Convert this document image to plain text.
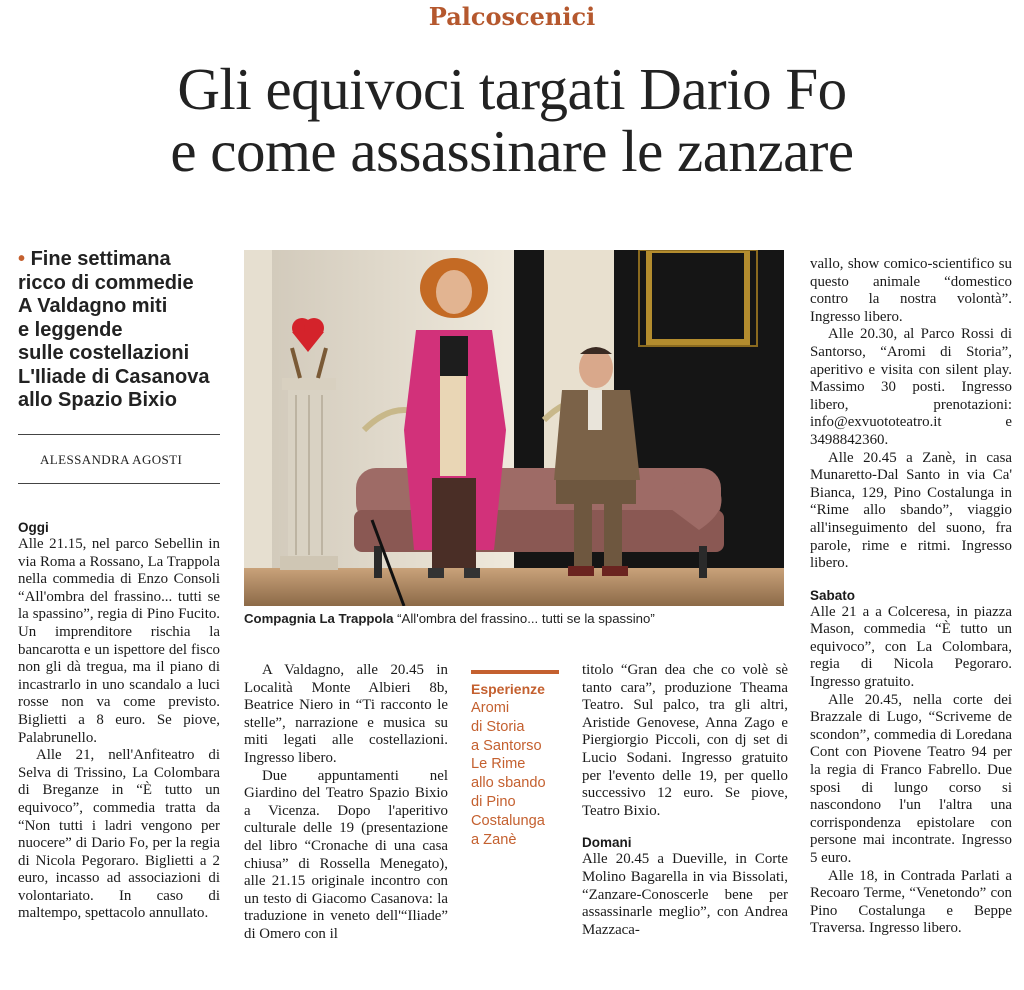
Palcoscenici
Gli equivoci targati Dario Fo
e come assassinare le zanzare
• Fine settimana
ricco di commedie
A Valdagno miti
e leggende
sulle costellazioni
L'Iliade di Casanova
allo Spazio Bixio
ALESSANDRA AGOSTI
Oggi

Alle 21.15, nel parco Sebellin in via Roma a Rossano, La Trappola nella commedia di Enzo Consoli “All'ombra del frassino... tutti se la spassino”, regia di Pino Fucito. Un imprenditore rischia la bancarotta e un ispettore del fisco non gli dà tregua, ma il piano di incastrarlo in uno scandalo a luci rosse non va come previsto. Biglietti a 8 euro. Se piove, Palabrunello.

Alle 21, nell'Anfiteatro di Selva di Trissino, La Colombara di Breganze in “È tutto un equivoco”, commedia tratta da “Non tutti i ladri vengono per nuocere” di Dario Fo, per la regia di Nicola Pegoraro. Biglietti a 2 euro, incasso ad associazioni di volontariato. In caso di maltempo, spettacolo annullato.

Compagnia La Trappola “All'ombra del frassino... tutti se la spassino”

A Valdagno, alle 20.45 in Località Monte Albieri 8b, Beatrice Niero in “Ti racconto le stelle”, narrazione e musica su miti legati alle costellazioni. Ingresso libero.

Due appuntamenti nel Giardino del Teatro Spazio Bixio a Vicenza. Dopo l'aperitivo culturale delle 19 (presentazione del libro “Cronache di una casa chiusa” di Rossella Menegato), alle 21.15 originale incontro con un testo di Giacomo Casanova: la traduzione in veneto dell'“Iliade” di Omero con il

Esperienze
Aromi
di Storia
a Santorso
Le Rime
allo sbando
di Pino
Costalunga
a Zanè

titolo “Gran dea che co volè sè tanto cara”, produzione Theama Teatro. Sul palco, tra gli altri, Aristide Genovese, Anna Zago e Piergiorgio Piccoli, con dj set di Lucio Sodani. Ingresso gratuito per l'evento delle 19, per quello successivo 12 euro. Se piove, Teatro Bixio.

Domani

Alle 20.45 a Dueville, in Corte Molino Bagarella in via Bissolati, “Zanzare-Conoscerle bene per assassinarle meglio”, con Andrea Mazzaca-

vallo, show comico-scientifico su questo animale “domestico contro la nostra volontà”. Ingresso libero.

Alle 20.30, al Parco Rossi di Santorso, “Aromi di Storia”, aperitivo e visita con silent play. Massimo 30 posti. Ingresso libero, prenotazioni: info@exvuototeatro.it e 3498842360.

Alle 20.45 a Zanè, in casa Munaretto-Dal Santo in via Ca' Bianca, 129, Pino Costalunga in “Rime allo sbando”, viaggio all'inseguimento del suono, fra parole, rime e ritmi. Ingresso libero.

Sabato

Alle 21 a a Colceresa, in piazza Mason, commedia “È tutto un equivoco”, con La Colombara, regia di Nicola Pegoraro. Ingresso gratuito.

Alle 20.45, nella corte dei Brazzale di Lugo, “Scriveme de scondon”, commedia di Loredana Cont con Piovene Teatro 94 per la regia di Franco Fabrello. Due sposi di lungo corso si nascondono l'un l'altra una corrispondenza epistolare con persone mai incontrate. Ingresso 5 euro.

Alle 18, in Contrada Parlati a Recoaro Terme, “Venetondo” con Pino Costalunga e Beppe Traversa. Ingresso libero.
